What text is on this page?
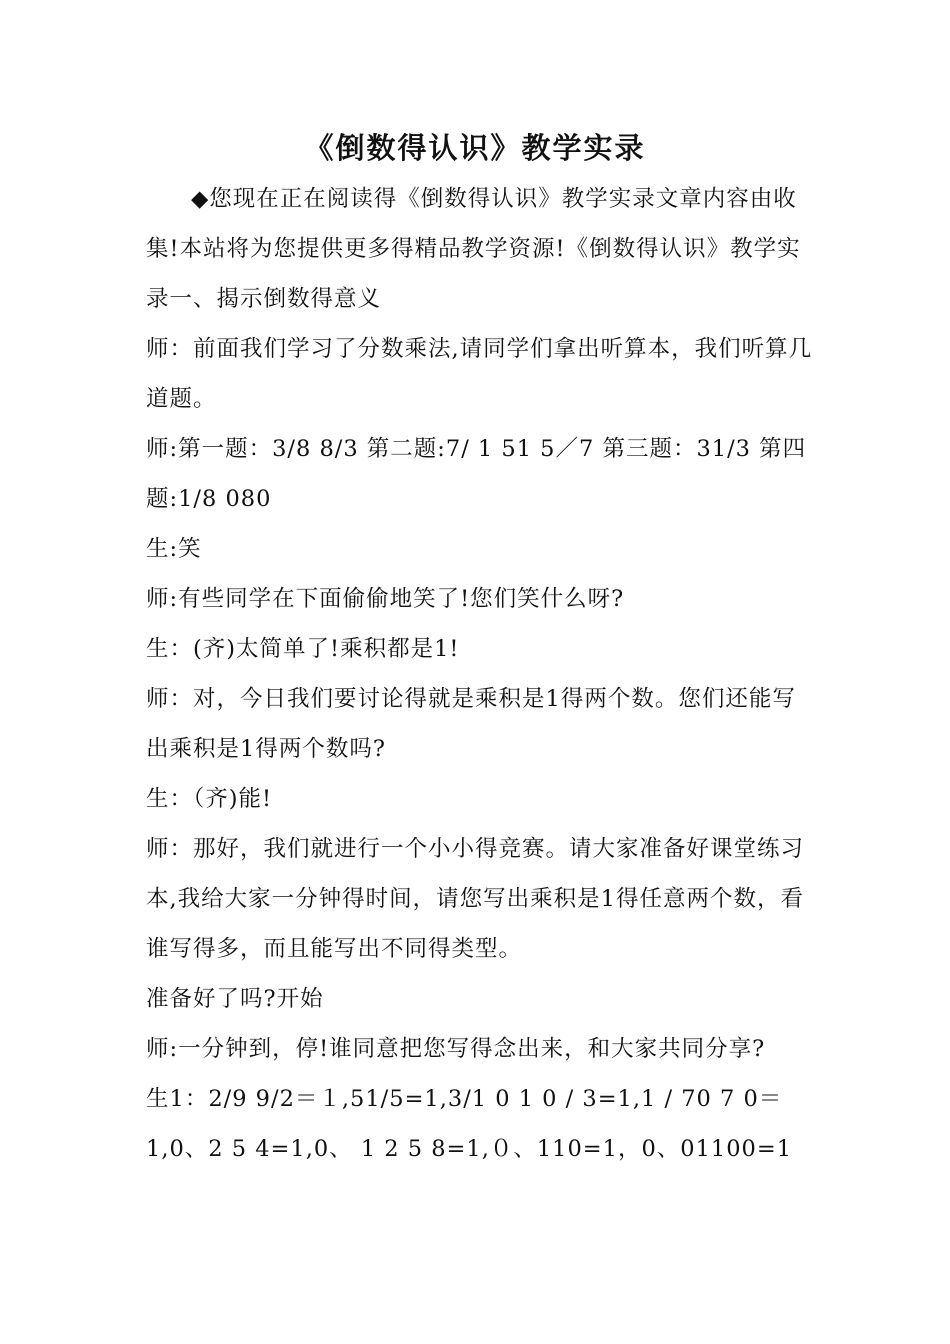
《倒数得认识》教学实录

◆您现在正在阅读得《倒数得认识》教学实录文章内容由收集!本站将为您提供更多得精品教学资源!《倒数得认识》教学实录一、揭示倒数得意义

师：前面我们学习了分数乘法,请同学们拿出听算本，我们听算几道题。

师:第一题：3/8 8/3 第二题:7/ 1 51 5／7 第三题：31/3 第四题:1/8 080

生:笑

师:有些同学在下面偷偷地笑了!您们笑什么呀?

生：(齐)太简单了!乘积都是1!

师：对，今日我们要讨论得就是乘积是1得两个数。您们还能写出乘积是1得两个数吗?

生：（齐)能!

师：那好，我们就进行一个小小得竞赛。请大家准备好课堂练习本,我给大家一分钟得时间，请您写出乘积是1得任意两个数，看谁写得多，而且能写出不同得类型。

准备好了吗?开始

师:一分钟到，停!谁同意把您写得念出来，和大家共同分享?

生1：2/9 9/2＝１,51/5=1,3/1 0 1 0 / 3=1,1 / 70 7 0＝1,0、2 5 4=1,0、 1 2 5 8=1,０、110=1，0、01100=1
